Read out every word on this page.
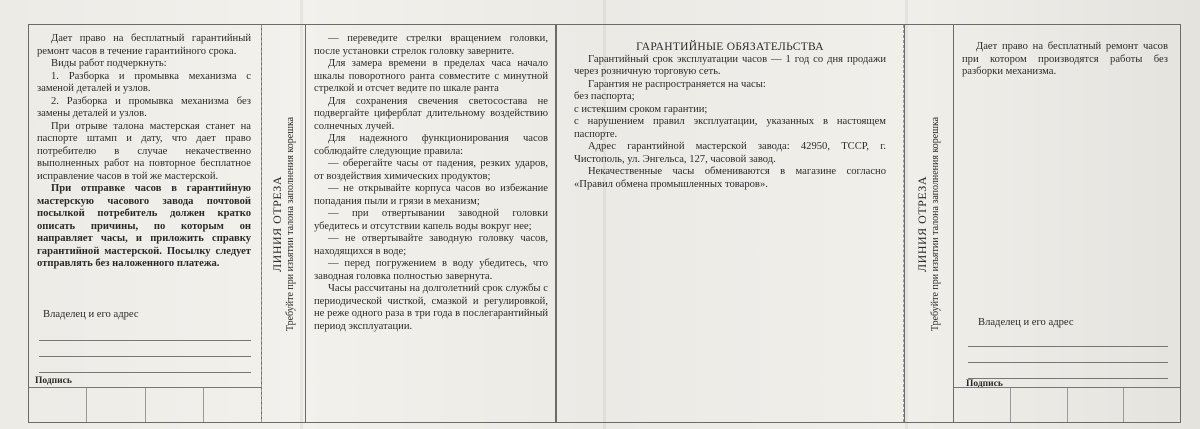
Дает право на бесплатный гарантийный ремонт часов в течение гарантийного срока.

Виды работ подчеркнуть:

1. Разборка и промывка механизма с заменой деталей и узлов.

2. Разборка и промывка механизма без замены деталей и узлов.

При отрыве талона мастерская станет на паспорте штамп и дату, что дает право потребителю в случае некачественно выполненных работ на повторное бесплатное исправление часов в той же мастерской.

При отправке часов в гарантийную мастерскую часового завода почтовой посылкой потребитель должен кратко описать причины, по которым он направляет часы, и приложить справку гарантийной мастерской. Посылку следует отправлять без наложенного платежа.

Владелец и его адрес
Подпись
ЛИНИЯ ОТРЕЗА Требуйте при изъятии талона заполнения корешка

— переведите стрелки вращением головки, после установки стрелок головку заверните.

Для замера времени в пределах часа начало шкалы поворотного ранта совместите с минутной стрелкой и отсчет ведите по шкале ранта

Для сохранения свечения светосостава не подвергайте циферблат длительному воздействию солнечных лучей.

Для надежного функционирования часов соблюдайте следующие правила:

— оберегайте часы от падения, резких ударов, от воздействия химических продуктов;

— не открывайте корпуса часов во избежание попадания пыли и грязи в механизм;

— при отвертывании заводной головки убедитесь и отсутствии капель воды вокруг нее;

— не отвертывайте заводную головку часов, находящихся в воде;

— перед погружением в воду убедитесь, что заводная головка полностью завернута.

Часы рассчитаны на долголетний срок службы с периодической чисткой, смазкой и регулировкой, не реже одного раза в три года в послегарантийный период эксплуатации.

ГАРАНТИЙНЫЕ ОБЯЗАТЕЛЬСТВА

Гарантийный срок эксплуатации часов — 1 год со дня продажи через розничную торговую сеть.

Гарантия не распространяется на часы:

без паспорта;

с истекшим сроком гарантии;

с нарушением правил эксплуатации, указанных в настоящем паспорте.

Адрес гарантийной мастерской завода: 42950, ТССР, г. Чистополь, ул. Энгельса, 127, часовой завод.

Некачественные часы обмениваются в магазине согласно «Правил обмена промышленных товаров».	ЛИНИЯ ОТРЕЗА Требуйте при изъятии талона заполнения корешка

Дает право на бесплатный ремонт часов при котором производятся работы без разборки механизма.

Владелец и его адрес
Подпись
